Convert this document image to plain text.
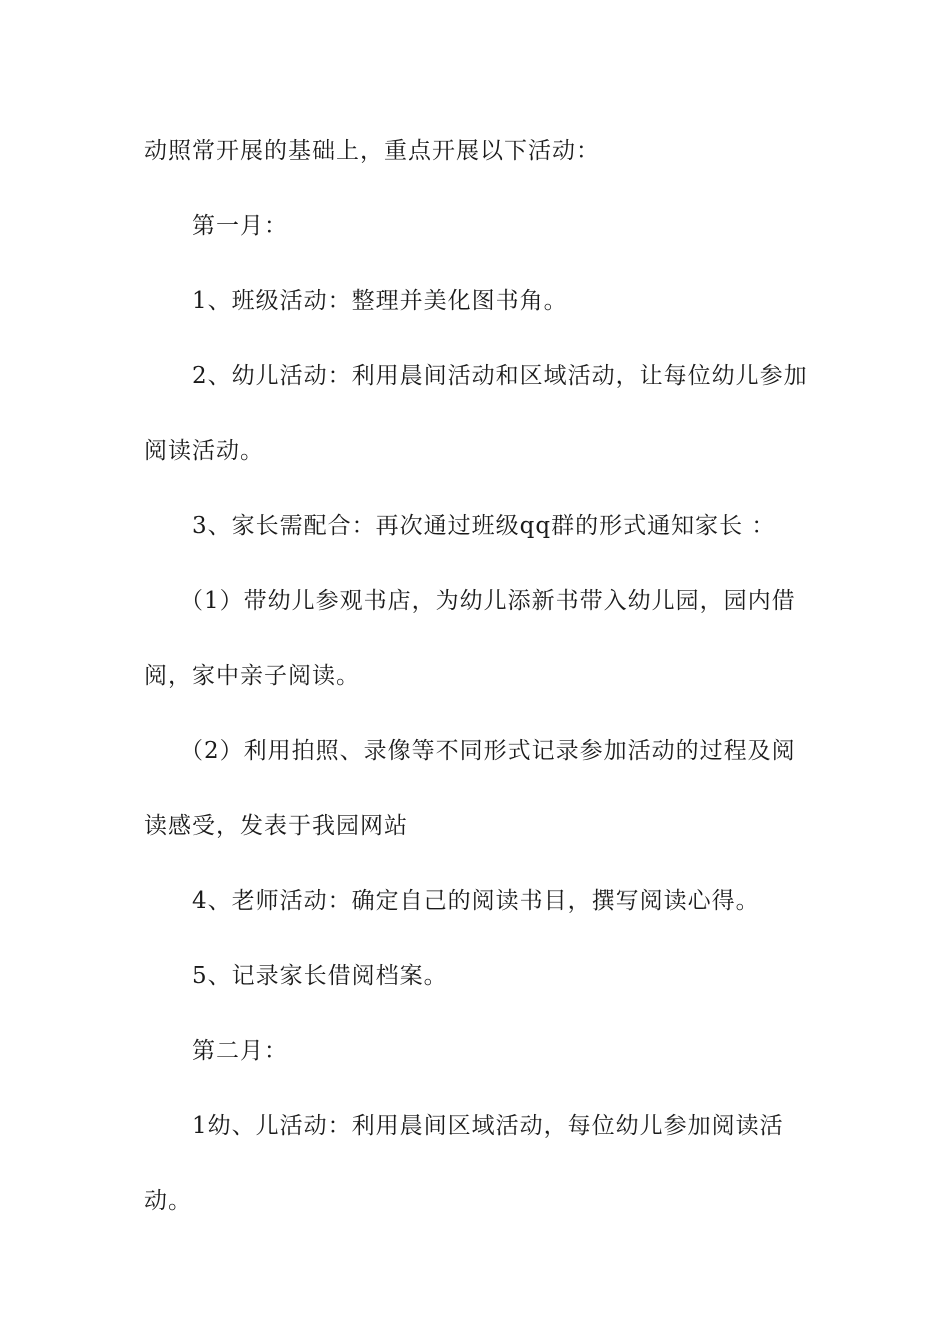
动照常开展的基础上，重点开展以下活动：
第一月：
1、班级活动：整理并美化图书角。
2、幼儿活动：利用晨间活动和区域活动，让每位幼儿参加
阅读活动。
3、家长需配合：再次通过班级qq群的形式通知家长 ：
（1）带幼儿参观书店，为幼儿添新书带入幼儿园，园内借
阅，家中亲子阅读。
（2）利用拍照、录像等不同形式记录参加活动的过程及阅
读感受，发表于我园网站
4、老师活动：确定自己的阅读书目，撰写阅读心得。
5、记录家长借阅档案。
第二月：
1幼、儿活动：利用晨间区域活动，每位幼儿参加阅读活
动。
